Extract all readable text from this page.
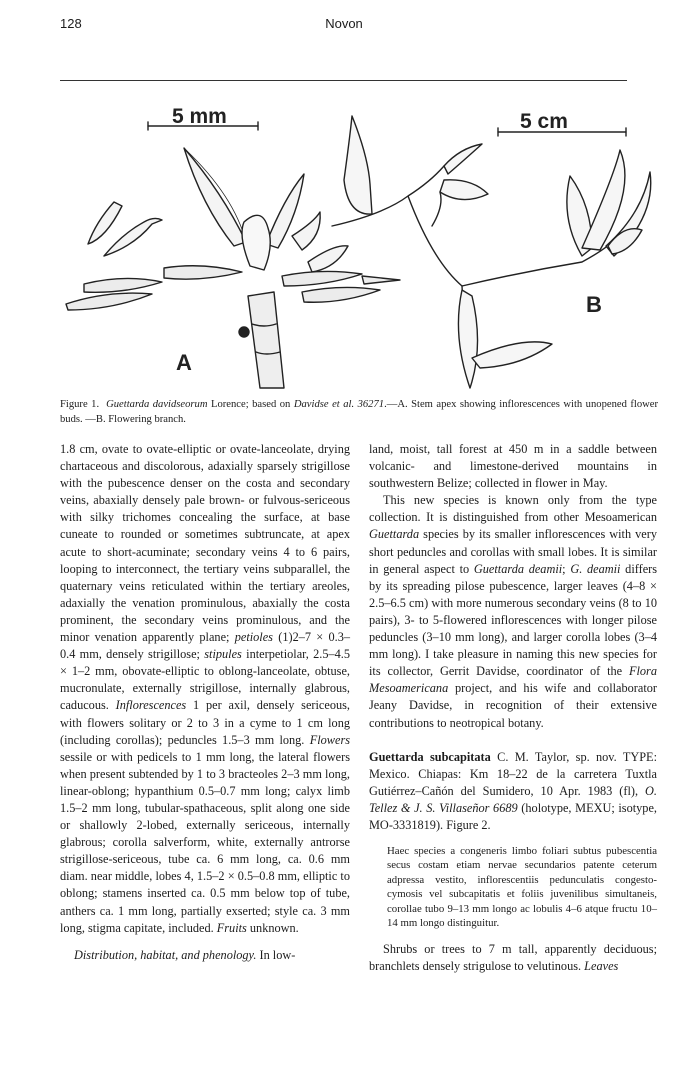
128	Novon
5 mm	5 cm
A
B
Figure 1. Guettarda davidseorum Lorence; based on Davidse et al. 36271.—A. Stem apex showing inflorescences with unopened flower buds. —B. Flowering branch.

1.8 cm, ovate to ovate-elliptic or ovate-lanceolate, drying chartaceous and discolorous, adaxially sparsely strigillose with the pubescence denser on the costa and secondary veins, abaxially densely pale brown- or fulvous-sericeous with silky trichomes concealing the surface, at base cuneate to rounded or sometimes subtruncate, at apex acute to short-acuminate; secondary veins 4 to 6 pairs, looping to interconnect, the tertiary veins subparallel, the quaternary veins reticulated within the tertiary areoles, adaxially the venation prominulous, abaxially the costa prominent, the secondary veins prominulous, and the minor venation apparently plane; petioles (1)2–7 × 0.3–0.4 mm, densely strigillose; stipules interpetiolar, 2.5–4.5 × 1–2 mm, obovate-elliptic to oblong-lanceolate, obtuse, mucronulate, externally strigillose, internally glabrous, caducous. Inflorescences 1 per axil, densely sericeous, with flowers solitary or 2 to 3 in a cyme to 1 cm long (including corollas); peduncles 1.5–3 mm long. Flowers sessile or with pedicels to 1 mm long, the lateral flowers when present subtended by 1 to 3 bracteoles 2–3 mm long, linear-oblong; hypanthium 0.5–0.7 mm long; calyx limb 1.5–2 mm long, tubular-spathaceous, split along one side or shallowly 2-lobed, externally sericeous, internally glabrous; corolla salverform, white, externally antrorse strigillose-sericeous, tube ca. 6 mm long, ca. 0.6 mm diam. near middle, lobes 4, 1.5–2 × 0.5–0.8 mm, elliptic to oblong; stamens inserted ca. 0.5 mm below top of tube, anthers ca. 1 mm long, partially exserted; style ca. 3 mm long, stigma capitate, included. Fruits unknown.

Distribution, habitat, and phenology. In low-

land, moist, tall forest at 450 m in a saddle between volcanic- and limestone-derived mountains in southwestern Belize; collected in flower in May.

This new species is known only from the type collection. It is distinguished from other Mesoamerican Guettarda species by its smaller inflorescences with very short peduncles and corollas with small lobes. It is similar in general aspect to Guettarda deamii; G. deamii differs by its spreading pilose pubescence, larger leaves (4–8 × 2.5–6.5 cm) with more numerous secondary veins (8 to 10 pairs), 3- to 5-flowered inflorescences with longer pilose peduncles (3–10 mm long), and larger corolla lobes (3–4 mm long). I take pleasure in naming this new species for its collector, Gerrit Davidse, coordinator of the Flora Mesoamericana project, and his wife and collaborator Jeany Davidse, in recognition of their extensive contributions to neotropical botany.

Guettarda subcapitata C. M. Taylor, sp. nov. TYPE: Mexico. Chiapas: Km 18–22 de la carretera Tuxtla Gutiérrez–Cañón del Sumidero, 10 Apr. 1983 (fl), O. Tellez & J. S. Villaseñor 6689 (holotype, MEXU; isotype, MO-3331819). Figure 2.

Haec species a congeneris limbo foliari subtus pubescentia secus costam etiam nervae secundarios patente ceterum adpressa vestito, inflorescentiis pedunculatis congesto-cymosis vel subcapitatis et foliis juvenilibus simultaneis, corollae tubo 9–13 mm longo ac lobulis 4–6 atque fructu 10–14 mm longo distinguitur.

Shrubs or trees to 7 m tall, apparently deciduous; branchlets densely strigulose to velutinous. Leaves
